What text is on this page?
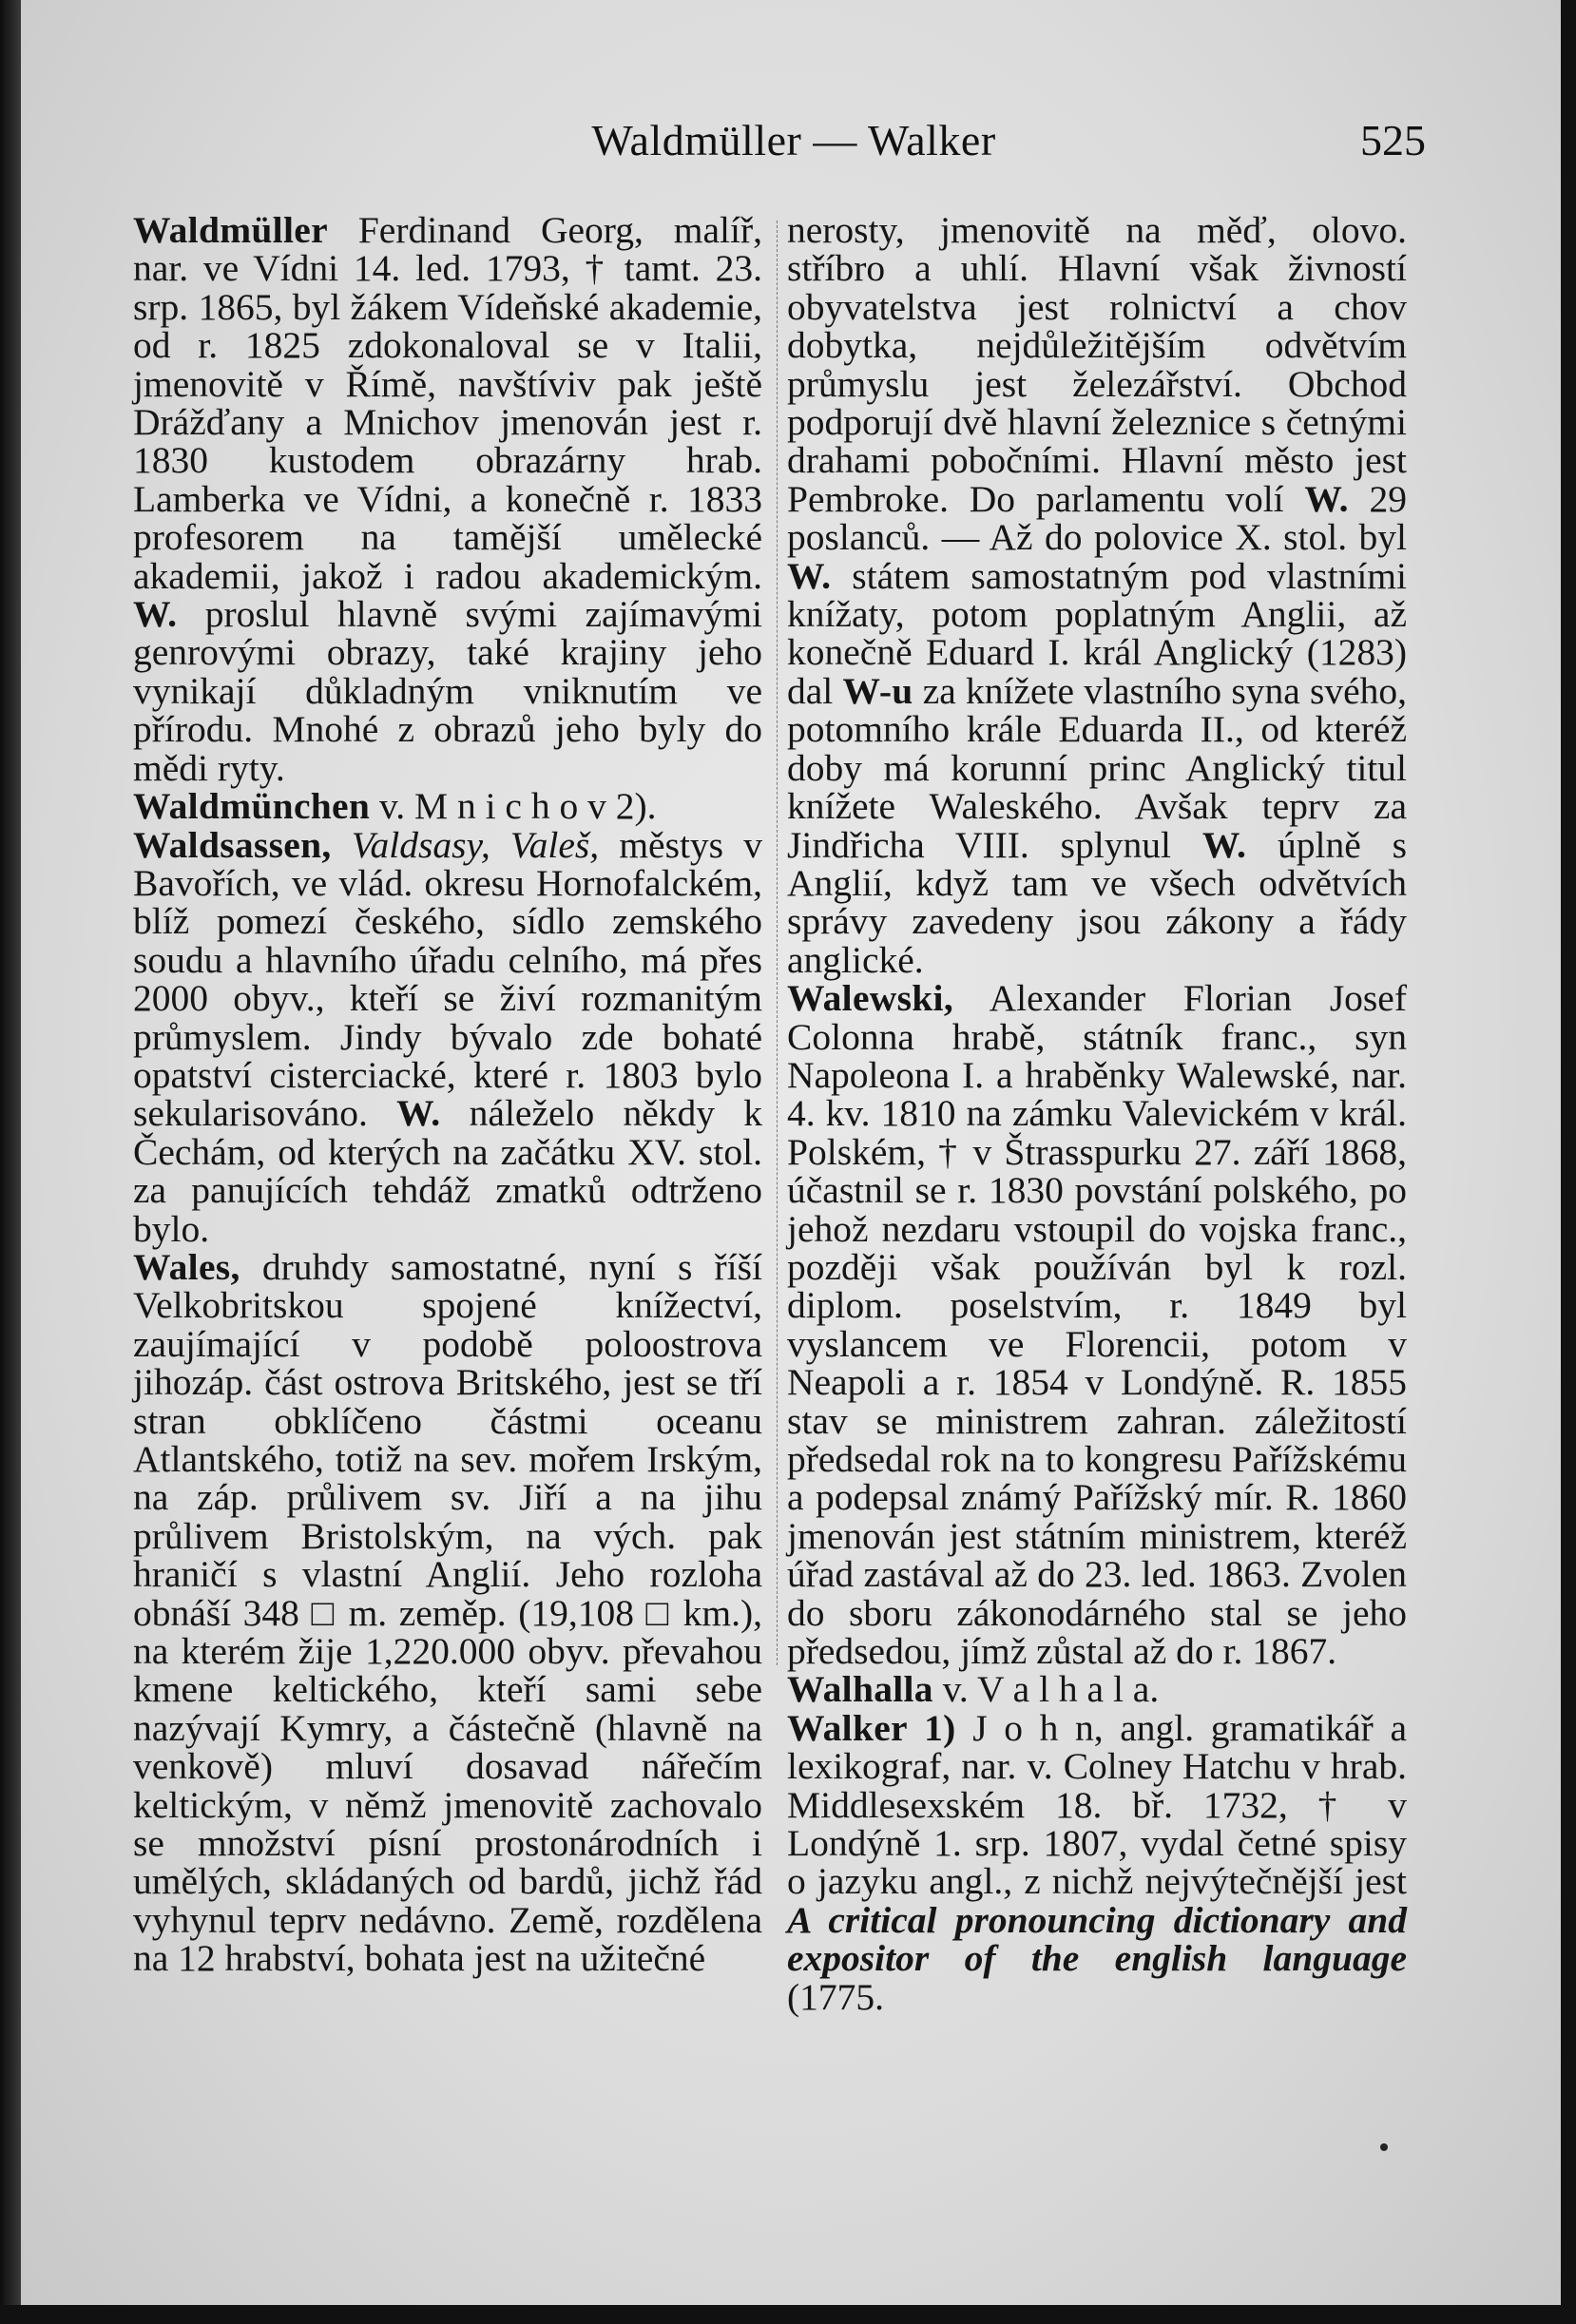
Waldmüller — Walker	525

Waldmüller Ferdinand Georg, malíř, nar. ve Vídni 14. led. 1793, † tamt. 23. srp. 1865, byl žákem Vídeňské akademie, od r. 1825 zdokonaloval se v Italii, jmenovitě v Římě, navštíviv pak ještě Drážďany a Mnichov jmenován jest r. 1830 kustodem obrazárny hrab. Lamberka ve Vídni, a konečně r. 1833 profesorem na tamější umělecké akademii, jakož i radou akademickým. W. proslul hlavně svými zajímavými genrovými obrazy, také krajiny jeho vynikají důkladným vniknutím ve přírodu. Mnohé z obrazů jeho byly do mědi ryty.

Waldmünchen v. M n i c h o v 2).

Waldsassen, Valdsasy, Valeš, městys v Bavořích, ve vlád. okresu Hornofalckém, blíž pomezí českého, sídlo zemského soudu a hlavního úřadu celního, má přes 2000 obyv., kteří se živí rozmanitým průmyslem. Jindy bývalo zde bohaté opatství cisterciacké, které r. 1803 bylo sekularisováno. W. náleželo někdy k Čechám, od kterých na začátku XV. stol. za panujících tehdáž zmatků odtrženo bylo.

Wales, druhdy samostatné, nyní s říší Velkobritskou spojené knížectví, zaujímající v podobě poloostrova jihozáp. část ostrova Britského, jest se tří stran obklíčeno částmi oceanu Atlantského, totiž na sev. mořem Irským, na záp. průlivem sv. Jiří a na jihu průlivem Bristolským, na vých. pak hraničí s vlastní Anglií. Jeho rozloha obnáší 348 □ m. zeměp. (19,108 □ km.), na kterém žije 1,220.000 obyv. převahou kmene keltického, kteří sami sebe nazývají Kymry, a částečně (hlavně na venkově) mluví dosavad nářečím keltickým, v němž jmenovitě zachovalo se množství písní prostonárodních i umělých, skládaných od bardů, jichž řád vyhynul teprv nedávno. Země, rozdělena na 12 hrabství, bohata jest na užitečné

nerosty, jmenovitě na měď, olovo. stříbro a uhlí. Hlavní však živností obyvatelstva jest rolnictví a chov dobytka, nejdůležitějším odvětvím průmyslu jest železářství. Obchod podporují dvě hlavní železnice s četnými drahami pobočními. Hlavní město jest Pembroke. Do parlamentu volí W. 29 poslanců. — Až do polovice X. stol. byl W. státem samostatným pod vlastními knížaty, potom poplatným Anglii, až konečně Eduard I. král Anglický (1283) dal W-u za knížete vlastního syna svého, potomního krále Eduarda II., od kteréž doby má korunní princ Anglický titul knížete Waleského. Avšak teprv za Jindřicha VIII. splynul W. úplně s Anglií, když tam ve všech odvětvích správy zavedeny jsou zákony a řády anglické.

Walewski, Alexander Florian Josef Colonna hrabě, státník franc., syn Napoleona I. a hraběnky Walewské, nar. 4. kv. 1810 na zámku Valevickém v král. Polském, † v Štrasspurku 27. září 1868, účastnil se r. 1830 povstání polského, po jehož nezdaru vstoupil do vojska franc., později však používán byl k rozl. diplom. poselstvím, r. 1849 byl vyslancem ve Florencii, potom v Neapoli a r. 1854 v Londýně. R. 1855 stav se ministrem zahran. záležitostí předsedal rok na to kongresu Pařížskému a podepsal známý Pařížský mír. R. 1860 jmenován jest státním ministrem, kteréž úřad zastával až do 23. led. 1863. Zvolen do sboru zákonodárného stal se jeho předsedou, jímž zůstal až do r. 1867.

Walhalla v. V a l h a l a.

Walker 1) J o h n, angl. gramatikář a lexikograf, nar. v. Colney Hatchu v hrab. Middlesexském 18. bř. 1732, † v Londýně 1. srp. 1807, vydal četné spisy o jazyku angl., z nichž nejvýtečnější jest A critical pronouncing dictionary and expositor of the english language (1775.
